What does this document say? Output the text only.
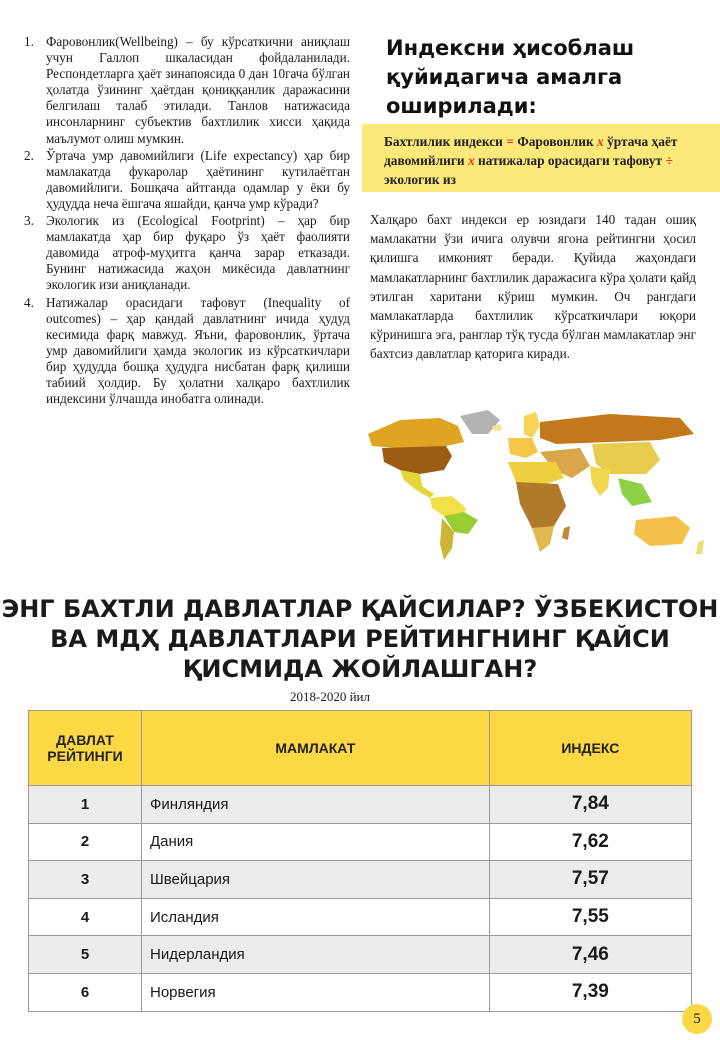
1. Фаровонлик(Wellbeing) – бу кўрсаткични аниқлаш учун Галлоп шкаласидан фойдаланилади. Респондетларга ҳаёт зинапоясида 0 дан 10гача бўлган ҳолатда ўзининг ҳаётдан қониққанлик даражасини белгилаш талаб этилади. Танлов натижасида инсонларнинг субъектив бахтлилик хисси ҳақида маълумот олиш мумкин.
2. Ўртача умр давомийлиги (Life expectancy) ҳар бир мамлакатда фукаролар ҳаётининг кутилаётган давомийлиги. Бошқача айтганда одамлар у ёки бу ҳудудда неча ёшгача яшайди, қанча умр кўради?
3. Экологик из (Ecological Footprint) – ҳар бир мамлакатда ҳар бир фуқаро ўз ҳаёт фаолияти давомида атроф-муҳитга қанча зарар етказади. Бунинг натижасида жаҳон микёсида давлатнинг экологик изи аниқланади.
4. Натижалар орасидаги тафовут (Inequality of outcomes) – ҳар қандай давлатнинг ичида ҳудуд кесимида фарқ мавжуд. Яъни, фаровонлик, ўртача умр давомийлиги ҳамда экологик из кўрсаткичлари бир ҳудудда бошқа ҳудудга нисбатан фарқ қилиши табиий ҳолдир. Бу ҳолатни халқаро бахтлилик индексини ўлчашда инобатга олинади.
Индексни ҳисоблаш қуйидагича амалга оширилади:
Бахтлилик индекси = Фаровонлик x ўртача ҳаёт давомийлиги x натижалар орасидаги тафовут ÷ экологик из
Халқаро бахт индекси ер юзидаги 140 тадан ошиқ мамлакатни ўзи ичига олувчи ягона рейтингни ҳосил қилишга имконият беради. Қуйида жаҳондаги мамлакатларнинг бахтлилик даражасига кўра ҳолати қайд этилган харитани кўриш мумкин. Оч рангдаги мамлакатларда бахтлилик кўрсаткичлари юқори кўринишга эга, ранглар тўқ тусда бўлган мамлакатлар энг бахтсиз давлатлар қаторига киради.
ЭНГ БАХТЛИ ДАВЛАТЛАР ҚАЙСИЛАР? ЎЗБЕКИСТОН ВА МДҲ ДАВЛАТЛАРИ РЕЙТИНГНИНГ ҚАЙСИ ҚИСМИДА ЖОЙЛАШГАН?
2018-2020 йил
ДАВЛАТ РЕЙТИНГИ	МАМЛАКАТ	ИНДЕКС
1	Финляндия	7,84
2	Дания	7,62
3	Швейцария	7,57
4	Исландия	7,55
5	Нидерландия	7,46
6	Норвегия	7,39
5
